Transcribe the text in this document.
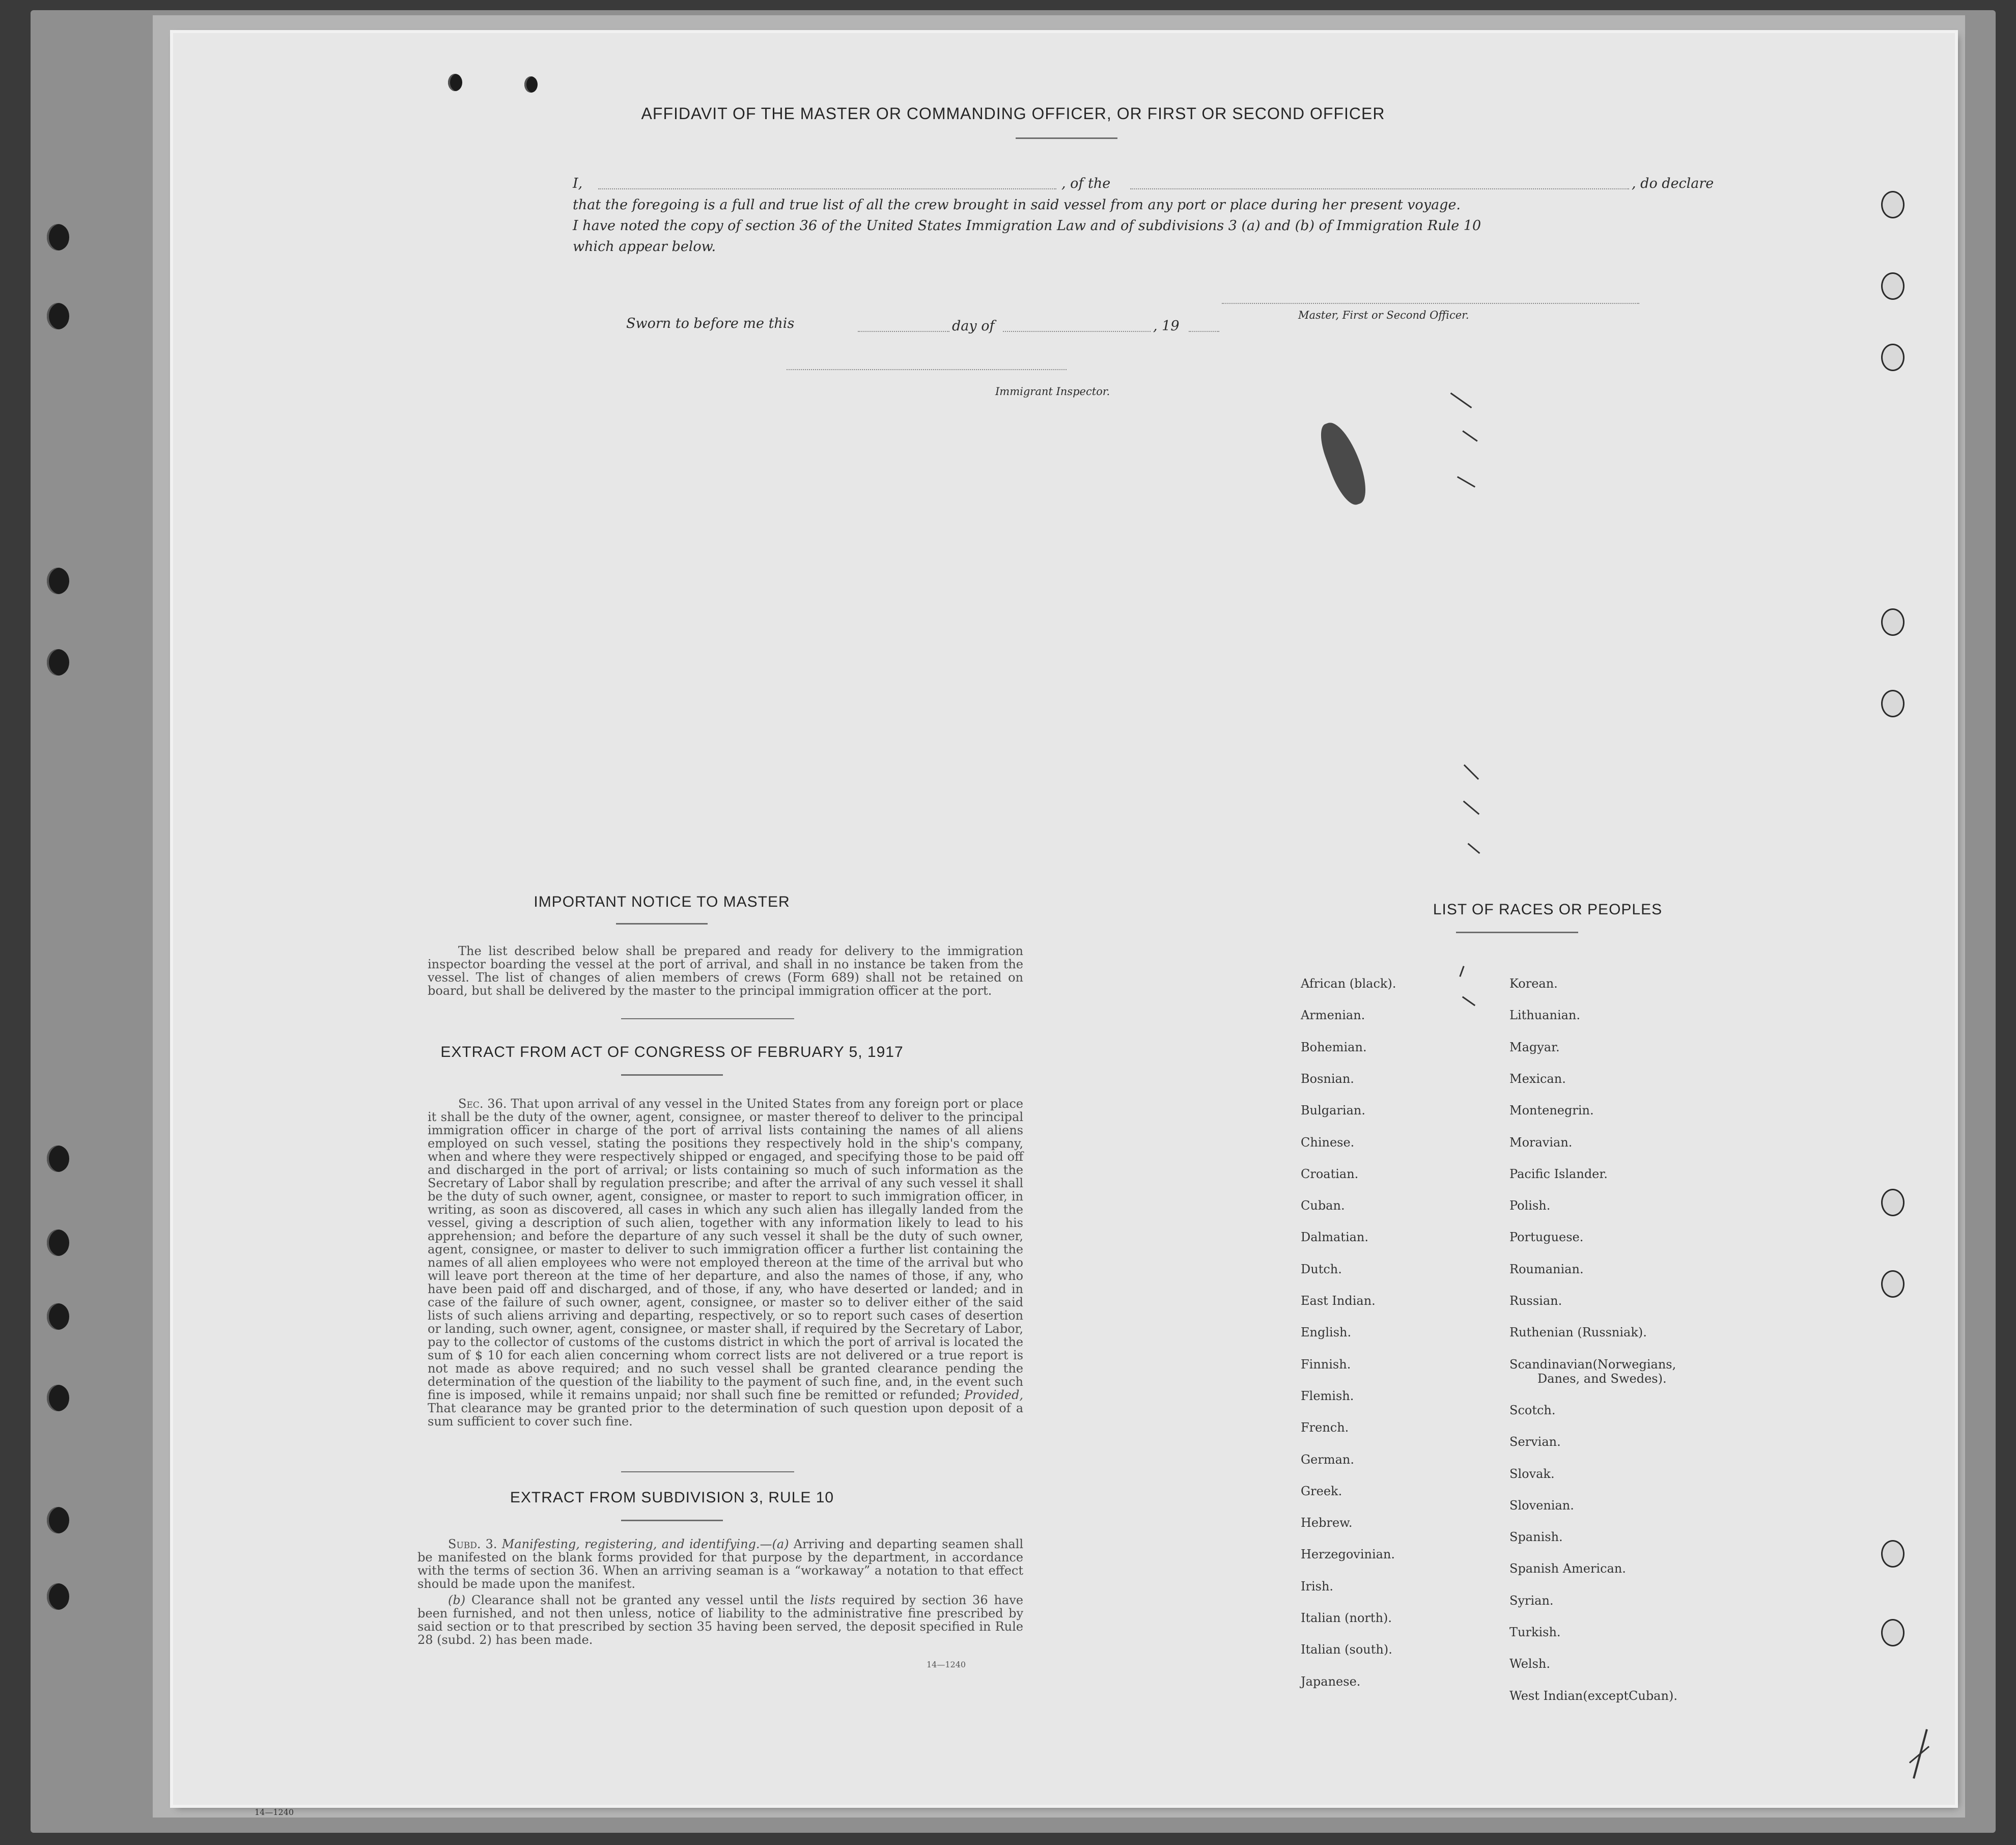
AFFIDAVIT OF THE MASTER OR COMMANDING OFFICER, OR FIRST OR SECOND OFFICER
I,	, of the	, do declare
that the foregoing is a full and true list of all the crew brought in said vessel from any port or place during her present voyage.
I have noted the copy of section 36 of the United States Immigration Law and of subdivisions 3 (a) and (b) of Immigration Rule 10
which appear below.
Master, First or Second Officer.
Sworn to before me this	day of	, 19
Immigrant Inspector.
IMPORTANT NOTICE TO MASTER
The list described below shall be prepared and ready for delivery to the immigration inspector boarding the vessel at the port of arrival, and shall in no instance be taken from the vessel. The list of changes of alien members of crews (Form 689) shall not be retained on board, but shall be delivered by the master to the principal immigration officer at the port.
EXTRACT FROM ACT OF CONGRESS OF FEBRUARY 5, 1917
Sec. 36. That upon arrival of any vessel in the United States from any foreign port or place it shall be the duty of the owner, agent, consignee, or master thereof to deliver to the principal immigration officer in charge of the port of arrival lists containing the names of all aliens employed on such vessel, stating the positions they respectively hold in the ship's company, when and where they were respectively shipped or engaged, and specifying those to be paid off and discharged in the port of arrival; or lists containing so much of such information as the Secretary of Labor shall by regulation prescribe; and after the arrival of any such vessel it shall be the duty of such owner, agent, consignee, or master to report to such immigration officer, in writing, as soon as discovered, all cases in which any such alien has illegally landed from the vessel, giving a description of such alien, together with any information likely to lead to his apprehension; and before the departure of any such vessel it shall be the duty of such owner, agent, consignee, or master to deliver to such immigration officer a further list containing the names of all alien employees who were not employed thereon at the time of the arrival but who will leave port thereon at the time of her departure, and also the names of those, if any, who have been paid off and discharged, and of those, if any, who have deserted or landed; and in case of the failure of such owner, agent, consignee, or master so to deliver either of the said lists of such aliens arriving and departing, respectively, or so to report such cases of desertion or landing, such owner, agent, consignee, or master shall, if required by the Secretary of Labor, pay to the collector of customs of the customs district in which the port of arrival is located the sum of $ 10 for each alien concerning whom correct lists are not delivered or a true report is not made as above required; and no such vessel shall be granted clearance pending the determination of the question of the liability to the payment of such fine, and, in the event such fine is imposed, while it remains unpaid; nor shall such fine be remitted or refunded; Provided, That clearance may be granted prior to the determination of such question upon deposit of a sum sufficient to cover such fine.
EXTRACT FROM SUBDIVISION 3, RULE 10
Subd. 3. Manifesting, registering, and identifying.—(a) Arriving and departing seamen shall be manifested on the blank forms provided for that purpose by the department, in accordance with the terms of section 36. When an arriving seaman is a “workaway” a notation to that effect should be made upon the manifest.
(b) Clearance shall not be granted any vessel until the lists required by section 36 have been furnished, and not then unless, notice of liability to the administrative fine prescribed by said section or to that prescribed by section 35 having been served, the deposit specified in Rule 28 (subd. 2) has been made.
14—1240
LIST OF RACES OR PEOPLES
African (black).
Armenian.
Bohemian.
Bosnian.
Bulgarian.
Chinese.
Croatian.
Cuban.
Dalmatian.
Dutch.
East Indian.
English.
Finnish.
Flemish.
French.
German.
Greek.
Hebrew.
Herzegovinian.
Irish.
Italian (north).
Italian (south).
Japanese.
Korean.
Lithuanian.
Magyar.
Mexican.
Montenegrin.
Moravian.
Pacific Islander.
Polish.
Portuguese.
Roumanian.
Russian.
Ruthenian (Russniak).
Scandinavian(Norwegians,
Danes, and Swedes).
Scotch.
Servian.
Slovak.
Slovenian.
Spanish.
Spanish American.
Syrian.
Turkish.
Welsh.
West Indian(exceptCuban).
14—1240
